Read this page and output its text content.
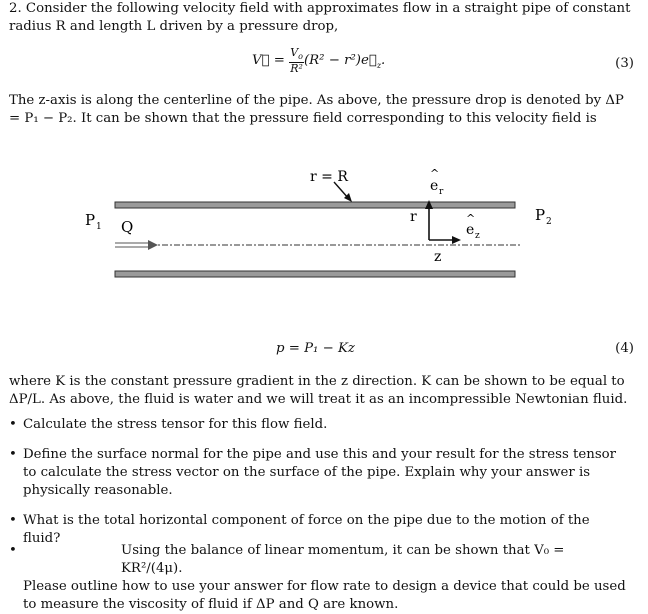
2. Consider the following velocity field with approximates flow in a straight pipe of constant radius R and length L driven by a pressure drop,

V⃗ = $\frac{V_o}{\text{R²}} (R^2$ − $r^2)e⃗_z$.	(3)

The z-axis is along the centerline of the pipe. As above, the pressure drop is denoted by ΔP = P₁ − P₂. It can be shown that the pressure field corresponding to this velocity field is

r = R	^
e r
r
z
^
e z
P 1 Q
P 2
p = P₁ − Kz	(4)

where K is the constant pressure gradient in the z direction. K can be shown to be equal to ΔP/L. As above, the fluid is water and we will treat it as an incompressible Newtonian fluid.

• Calculate the stress tensor for this flow field.
• Define the surface normal for the pipe and use this and your result for the stress tensor to calculate the stress vector on the surface of the pipe. Explain why your answer is physically reasonable.
• What is the total horizontal component of force on the pipe due to the motion of the fluid?
•	Using the balance of linear momentum, it can be shown that V₀ = KR²/(4μ).
Please outline how to use your answer for flow rate to design a device that could be used to measure the viscosity of fluid if ΔP and Q are known.
